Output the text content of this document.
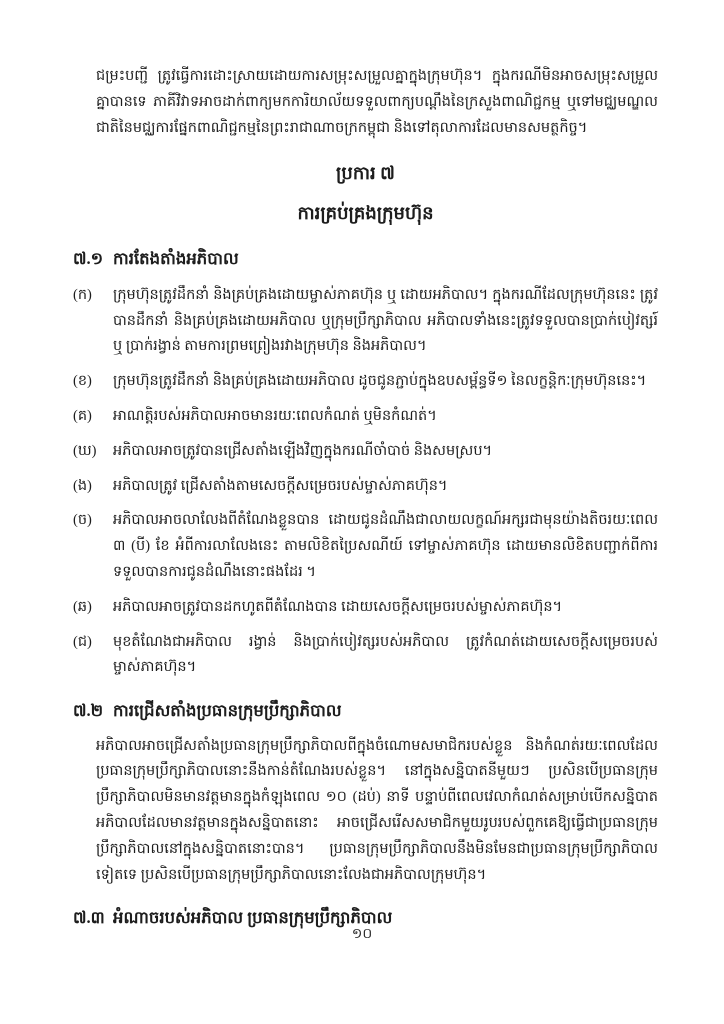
ជម្រះបញ្ជី ត្រូវធ្វើការដោះស្រាយដោយការសម្រុះសម្រួលគ្នាក្នុងក្រុមហ៊ុន។ ក្នុងករណីមិនអាចសម្រុះសម្រួលគ្នាបានទេ ភាគីវិវាទអាចដាក់ពាក្យមកការិយាល័យទទួលពាក្យបណ្ដឹងនៃក្រសួងពាណិជ្ជកម្ម ឬទៅមជ្ឈមណ្ឌលជាតិនៃមជ្ឈការផ្នែកពាណិជ្ជកម្មនៃព្រះរាជាណាចក្រកម្ពុជា និងទៅតុលាការដែលមានសមត្ថកិច្ច។

ប្រការ ៧
ការគ្រប់គ្រងក្រុមហ៊ុន
៧.១ ការតែងតាំងអភិបាល
(ក)	ក្រុមហ៊ុនត្រូវដឹកនាំ និងគ្រប់គ្រងដោយម្ចាស់ភាគហ៊ុន ឬ ដោយអភិបាល។ ក្នុងករណីដែលក្រុមហ៊ុននេះ ត្រូវបានដឹកនាំ និងគ្រប់គ្រងដោយអភិបាល ឬក្រុមប្រឹក្សាភិបាល អភិបាលទាំងនេះត្រូវទទួលបានប្រាក់បៀវត្សរ៍ ឬ ប្រាក់រង្វាន់ តាមការព្រមព្រៀងរវាងក្រុមហ៊ុន និងអភិបាល។

(ខ)	ក្រុមហ៊ុនត្រូវដឹកនាំ និងគ្រប់គ្រងដោយអភិបាល ដូចជូនភ្ជាប់ក្នុងឧបសម្ព័ន្ធទី១ នៃលក្ខន្តិកៈក្រុមហ៊ុននេះ។

(គ)	អាណត្តិរបស់អភិបាលអាចមានរយៈពេលកំណត់ ឬមិនកំណត់។

(ឃ)	អភិបាលអាចត្រូវបានជ្រើសតាំងឡើងវិញក្នុងករណីចាំបាច់ និងសមស្រប។

(ង)	អភិបាលត្រូវ ជ្រើសតាំងតាមសេចក្ដីសម្រេចរបស់ម្ចាស់ភាគហ៊ុន។

(ច)	អភិបាលអាចលាលែងពីតំណែងខ្លួនបាន ដោយជូនដំណឹងជាលាយលក្ខណ៍អក្សរជាមុនយ៉ាងតិចរយៈពេល ៣ (បី) ខែ អំពីការលាលែងនេះ តាមលិខិតប្រៃសណីយ៍ ទៅម្ចាស់ភាគហ៊ុន ដោយមានលិខិតបញ្ជាក់ពីការទទួលបានការជូនដំណឹងនោះផងដែរ ។

(ឆ)	អភិបាលអាចត្រូវបានដកហូតពីតំណែងបាន ដោយសេចក្ដីសម្រេចរបស់ម្ចាស់ភាគហ៊ុន។

(ជ)	មុខតំណែងជាអភិបាល រង្វាន់ និងប្រាក់បៀវត្សរបស់អភិបាល ត្រូវកំណត់ដោយសេចក្ដីសម្រេចរបស់ម្ចាស់ភាគហ៊ុន។

៧.២ ការជ្រើសតាំងប្រធានក្រុមប្រឹក្សាភិបាល

អភិបាលអាចជ្រើសតាំងប្រធានក្រុមប្រឹក្សាភិបាលពីក្នុងចំណោមសមាជិករបស់ខ្លួន និងកំណត់រយៈពេលដែល ប្រធានក្រុមប្រឹក្សាភិបាលនោះនឹងកាន់តំណែងរបស់ខ្លួន។ នៅក្នុងសន្និបាតនីមួយៗ ប្រសិនបើប្រធានក្រុមប្រឹក្សាភិបាលមិនមានវត្តមានក្នុងកំឡុងពេល ១០ (ដប់) នាទី បន្ទាប់ពីពេលវេលាកំណត់សម្រាប់បើកសន្និបាត អភិបាលដែលមានវត្តមានក្នុងសន្និបាតនោះ អាចជ្រើសរើសសមាជិកមួយរូបរបស់ពួកគេឱ្យធ្វើជាប្រធានក្រុមប្រឹក្សាភិបាលនៅក្នុងសន្និបាតនោះបាន។ ប្រធានក្រុមប្រឹក្សាភិបាលនឹងមិនមែនជាប្រធានក្រុមប្រឹក្សាភិបាលទៀតទេ ប្រសិនបើប្រធានក្រុមប្រឹក្សាភិបាលនោះលែងជាអភិបាលក្រុមហ៊ុន។

៧.៣ អំណាចរបស់អភិបាល ប្រធានក្រុមប្រឹក្សាភិបាល
១០
